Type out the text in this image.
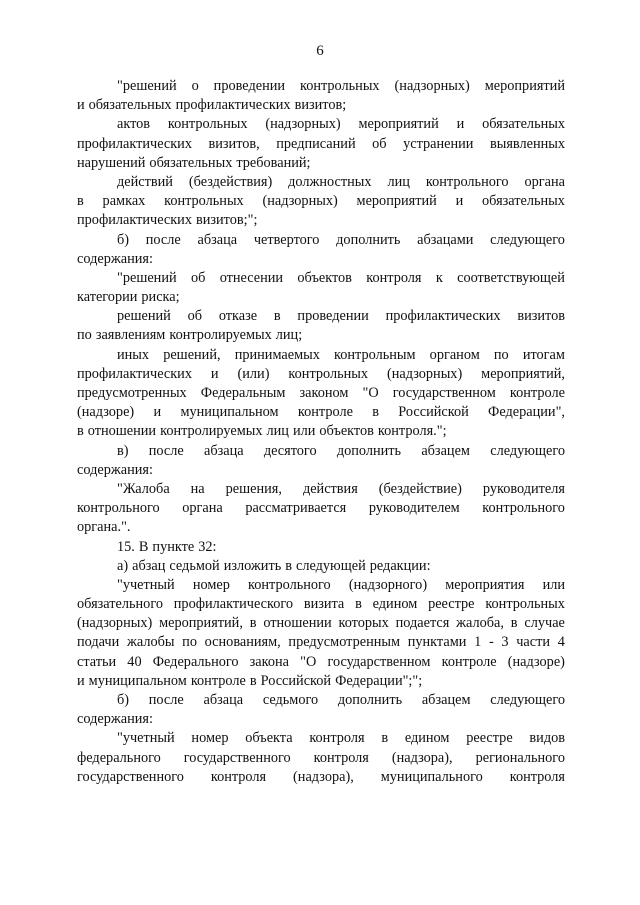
6
"решений о проведении контрольных (надзорных) мероприятий
и обязательных профилактических визитов;
актов контрольных (надзорных) мероприятий и обязательных
профилактических визитов, предписаний об устранении выявленных
нарушений обязательных требований;
действий (бездействия) должностных лиц контрольного органа
в рамках контрольных (надзорных) мероприятий и обязательных
профилактических визитов;";
б) после абзаца четвертого дополнить абзацами следующего
содержания:
"решений об отнесении объектов контроля к соответствующей
категории риска;
решений об отказе в проведении профилактических визитов
по заявлениям контролируемых лиц;
иных решений, принимаемых контрольным органом по итогам
профилактических и (или) контрольных (надзорных) мероприятий,
предусмотренных Федеральным законом "О государственном контроле
(надзоре) и муниципальном контроле в Российской Федерации",
в отношении контролируемых лиц или объектов контроля.";
в) после абзаца десятого дополнить абзацем следующего
содержания:
"Жалоба на решения, действия (бездействие) руководителя
контрольного органа рассматривается руководителем контрольного
органа.".
15. В пункте 32:
а) абзац седьмой изложить в следующей редакции:
"учетный номер контрольного (надзорного) мероприятия или
обязательного профилактического визита в едином реестре контрольных
(надзорных) мероприятий, в отношении которых подается жалоба, в случае
подачи жалобы по основаниям, предусмотренным пунктами 1 - 3 части 4
статьи 40 Федерального закона "О государственном контроле (надзоре)
и муниципальном контроле в Российской Федерации";";
б) после абзаца седьмого дополнить абзацем следующего
содержания:
"учетный номер объекта контроля в едином реестре видов
федерального государственного контроля (надзора), регионального
государственного контроля (надзора), муниципального контроля
